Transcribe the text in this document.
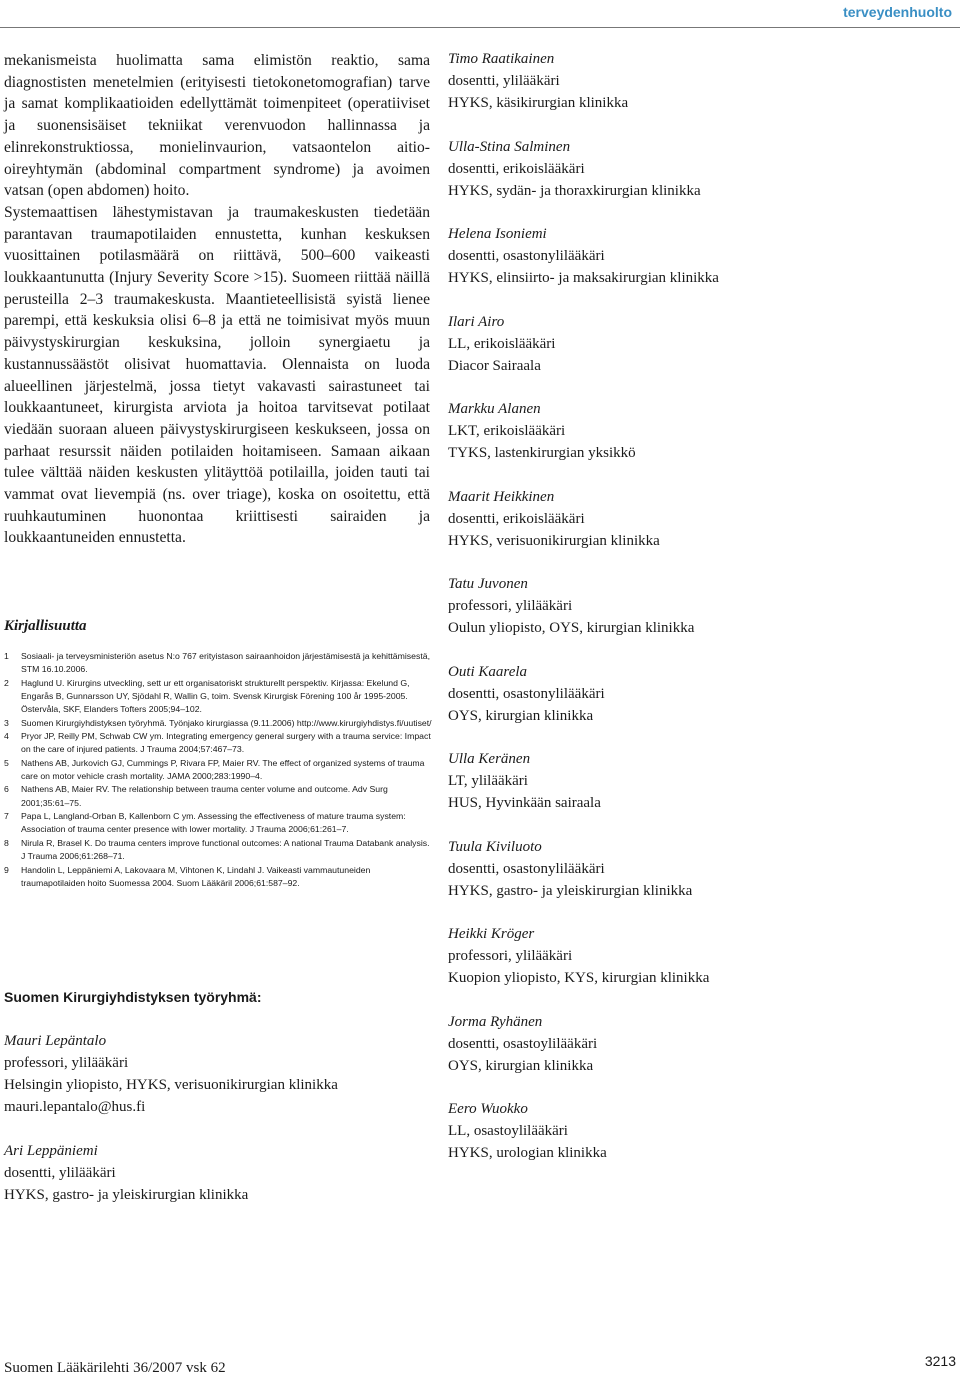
terveydenhuolto

mekanismeista huolimatta sama elimistön reaktio, sama diagnostisten menetelmien (erityisesti tietokonetomografian) tarve ja samat komplikaatioiden edellyttämät toimenpiteet (operatiiviset ja suonensisäiset tekniikat verenvuodon hallinnassa ja elinrekonstruktiossa, monielinvaurion, vatsaontelon aitio-oireyhtymän (abdominal compartment syndrome) ja avoimen vatsan (open abdomen) hoito.

Systemaattisen lähestymistavan ja traumakeskusten tiedetään parantavan traumapotilaiden ennustetta, kunhan keskuksen vuosittainen potilasmäärä on riittävä, 500–600 vaikeasti loukkaantunutta (Injury Severity Score >15). Suomeen riittää näillä perusteilla 2–3 traumakeskusta. Maantieteellisistä syistä lienee parempi, että keskuksia olisi 6–8 ja että ne toimisivat myös muun päivystyskirurgian keskuksina, jolloin synergiaetu ja kustannussäästöt olisivat huomattavia. Olennaista on luoda alueellinen järjestelmä, jossa tietyt vakavasti sairastuneet tai loukkaantuneet, kirurgista arviota ja hoitoa tarvitsevat potilaat viedään suoraan alueen päivystyskirurgiseen keskukseen, jossa on parhaat resurssit näiden potilaiden hoitamiseen. Samaan aikaan tulee välttää näiden keskusten ylitäyttöä potilailla, joiden tauti tai vammat ovat lievempiä (ns. over triage), koska on osoitettu, että ruuhkautuminen huonontaa kriittisesti sairaiden ja loukkaantuneiden ennustetta.

Kirjallisuutta
1 Sosiaali- ja terveysministeriön asetus N:o 767 erityistason sairaanhoidon järjestämisestä ja kehittämisestä, STM 16.10.2006.
2 Haglund U. Kirurgins utveckling, sett ur ett organisatoriskt strukturellt perspektiv. Kirjassa: Ekelund G, Engarås B, Gunnarsson UY, Sjödahl R, Wallin G, toim. Svensk Kirurgisk Förening 100 år 1995-2005. Östervåla, SKF, Elanders Tofters 2005;94–102.
3 Suomen Kirurgiyhdistyksen työryhmä. Työnjako kirurgiassa (9.11.2006) http://www.kirurgiyhdistys.fi/uutiset/
4 Pryor JP, Reilly PM, Schwab CW ym. Integrating emergency general surgery with a trauma service: Impact on the care of injured patients. J Trauma 2004;57:467–73.
5 Nathens AB, Jurkovich GJ, Cummings P, Rivara FP, Maier RV. The effect of organized systems of trauma care on motor vehicle crash mortality. JAMA 2000;283:1990–4.
6 Nathens AB, Maier RV. The relationship between trauma center volume and outcome. Adv Surg 2001;35:61–75.
7 Papa L, Langland-Orban B, Kallenborn C ym. Assessing the effectiveness of mature trauma system: Association of trauma center presence with lower mortality. J Trauma 2006;61:261–7.
8 Nirula R, Brasel K. Do trauma centers improve functional outcomes: A national Trauma Databank analysis. J Trauma 2006;61:268–71.
9 Handolin L, Leppäniemi A, Lakovaara M, Vihtonen K, Lindahl J. Vaikeasti vammautuneiden traumapotilaiden hoito Suomessa 2004. Suom Lääkäril 2006;61:587–92.
Suomen Kirurgiyhdistyksen työryhmä:
Mauri Lepäntalo
professori, ylilääkäri
Helsingin yliopisto, HYKS, verisuonikirurgian klinikka
mauri.lepantalo@hus.fi
Ari Leppäniemi
dosentti, ylilääkäri
HYKS, gastro- ja yleiskirurgian klinikka
Timo Raatikainen
dosentti, ylilääkäri
HYKS, käsikirurgian klinikka
Ulla-Stina Salminen
dosentti, erikoislääkäri
HYKS, sydän- ja thoraxkirurgian klinikka
Helena Isoniemi
dosentti, osastonylilääkäri
HYKS, elinsiirto- ja maksakirurgian klinikka
Ilari Airo
LL, erikoislääkäri
Diacor Sairaala
Markku Alanen
LKT, erikoislääkäri
TYKS, lastenkirurgian yksikkö
Maarit Heikkinen
dosentti, erikoislääkäri
HYKS, verisuonikirurgian klinikka
Tatu Juvonen
professori, ylilääkäri
Oulun yliopisto, OYS, kirurgian klinikka
Outi Kaarela
dosentti, osastonylilääkäri
OYS, kirurgian klinikka
Ulla Keränen
LT, ylilääkäri
HUS, Hyvinkään sairaala
Tuula Kiviluoto
dosentti, osastonylilääkäri
HYKS, gastro- ja yleiskirurgian klinikka
Heikki Kröger
professori, ylilääkäri
Kuopion yliopisto, KYS, kirurgian klinikka
Jorma Ryhänen
dosentti, osastoylilääkäri
OYS, kirurgian klinikka
Eero Wuokko
LL, osastoylilääkäri
HYKS, urologian klinikka
Suomen Lääkärilehti 36/2007 vsk 62	3213
